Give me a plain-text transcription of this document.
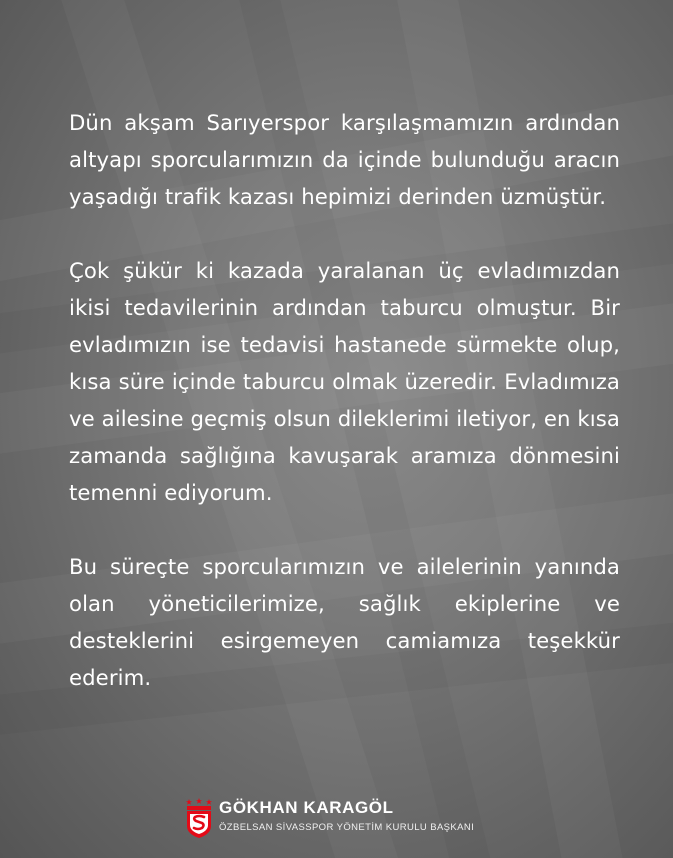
Dün akşam Sarıyerspor karşılaşmamızın ardından altyapı sporcularımızın da içinde bulunduğu aracın yaşadığı trafik kazası hepimizi derinden üzmüştür.

Çok şükür ki kazada yaralanan üç evladımızdan ikisi tedavilerinin ardından taburcu olmuştur. Bir evladımızın ise tedavisi hastanede sürmekte olup, kısa süre içinde taburcu olmak üzeredir. Evladımıza ve ailesine geçmiş olsun dileklerimi iletiyor, en kısa zamanda sağlığına kavuşarak aramıza dönmesini temenni ediyorum.

Bu süreçte sporcularımızın ve ailelerinin yanında olan yöneticilerimize, sağlık ekiplerine ve desteklerini esirgemeyen camiamıza teşekkür ederim.

GÖKHAN KARAGÖL
ÖZBELSAN SİVASSPOR YÖNETİM KURULU BAŞKANI
